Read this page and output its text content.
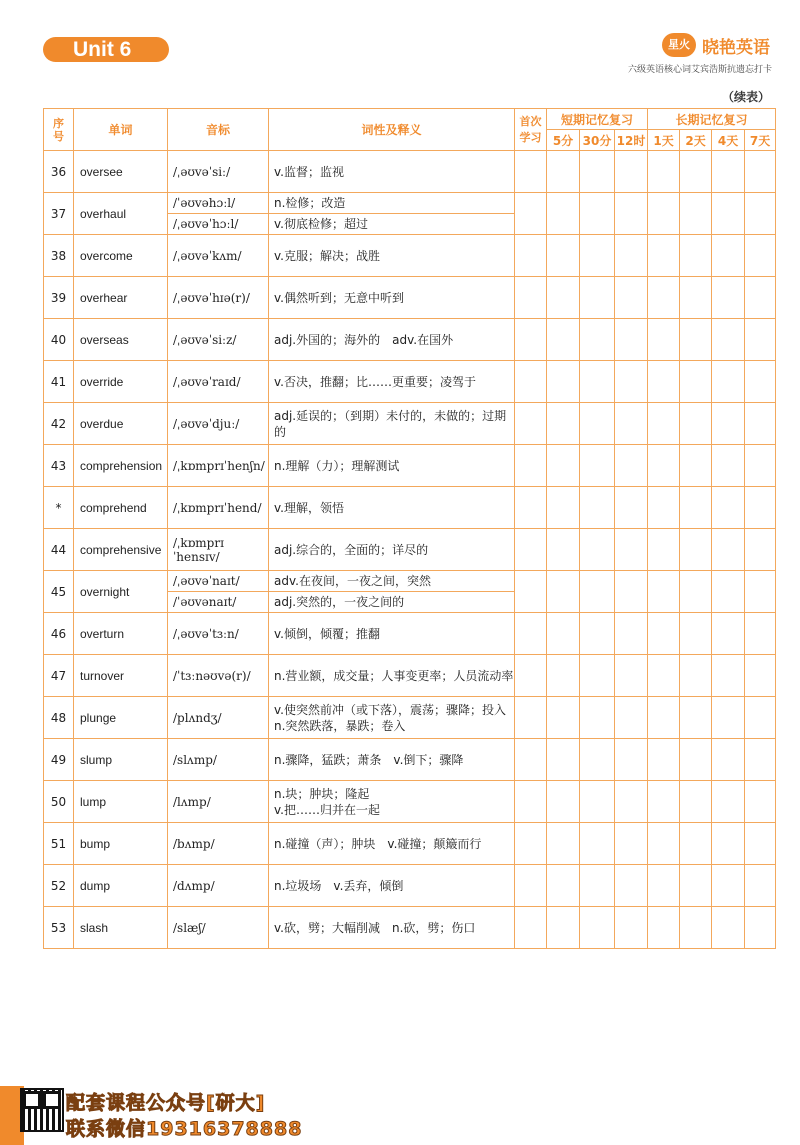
Unit 6	星火 晓艳英语
六级英语核心词艾宾浩斯抗遗忘打卡
（续表）
序号	单词	音标	词性及释义	首次学习	短期记忆复习			长期记忆复习			
					5分	30分	12时	1天	2天	4天	7天
36	oversee	/ˌəʊvəˈsiː/	v.监督；监视								
37	overhaul	/ˈəʊvəhɔːl/	n.检修；改造								
		/ˌəʊvəˈhɔːl/	v.彻底检修；超过								
38	overcome	/ˌəʊvəˈkʌm/	v.克服；解决；战胜								
39	overhear	/ˌəʊvəˈhɪə(r)/	v.偶然听到；无意中听到								
40	overseas	/ˌəʊvəˈsiːz/	adj.外国的；海外的　adv.在国外								
41	override	/ˌəʊvəˈraɪd/	v.否决，推翻；比……更重要；凌驾于								
42	overdue	/ˌəʊvəˈdjuː/	adj.延误的；（到期）未付的，未做的；过期的								
43	comprehension	/ˌkɒmprɪˈhenʃn/	n.理解（力）；理解测试								
*	comprehend	/ˌkɒmprɪˈhend/	v.理解，领悟								
44	comprehensive	/ˌkɒmprɪˈhensɪv/	adj.综合的，全面的；详尽的								
45	overnight	/ˌəʊvəˈnaɪt/	adv.在夜间，一夜之间，突然								
		/ˈəʊvənaɪt/	adj.突然的，一夜之间的								
46	overturn	/ˌəʊvəˈtɜːn/	v.倾倒，倾覆；推翻								
47	turnover	/ˈtɜːnəʊvə(r)/	n.营业额，成交量；人事变更率；人员流动率								
48	plunge	/plʌndʒ/	v.使突然前冲（或下落），震荡；骤降；投入　n.突然跌落，暴跌；卷入								
49	slump	/slʌmp/	n.骤降，猛跌；萧条　v.倒下；骤降								
50	lump	/lʌmp/	n.块；肿块；隆起
v.把……归并在一起								
51	bump	/bʌmp/	n.碰撞（声）；肿块　v.碰撞；颠簸而行								
52	dump	/dʌmp/	n.垃圾场　v.丢弃，倾倒								
53	slash	/slæʃ/	v.砍，劈；大幅削减　n.砍，劈；伤口								
配套课程公众号[研大]
联系微信19316378888
